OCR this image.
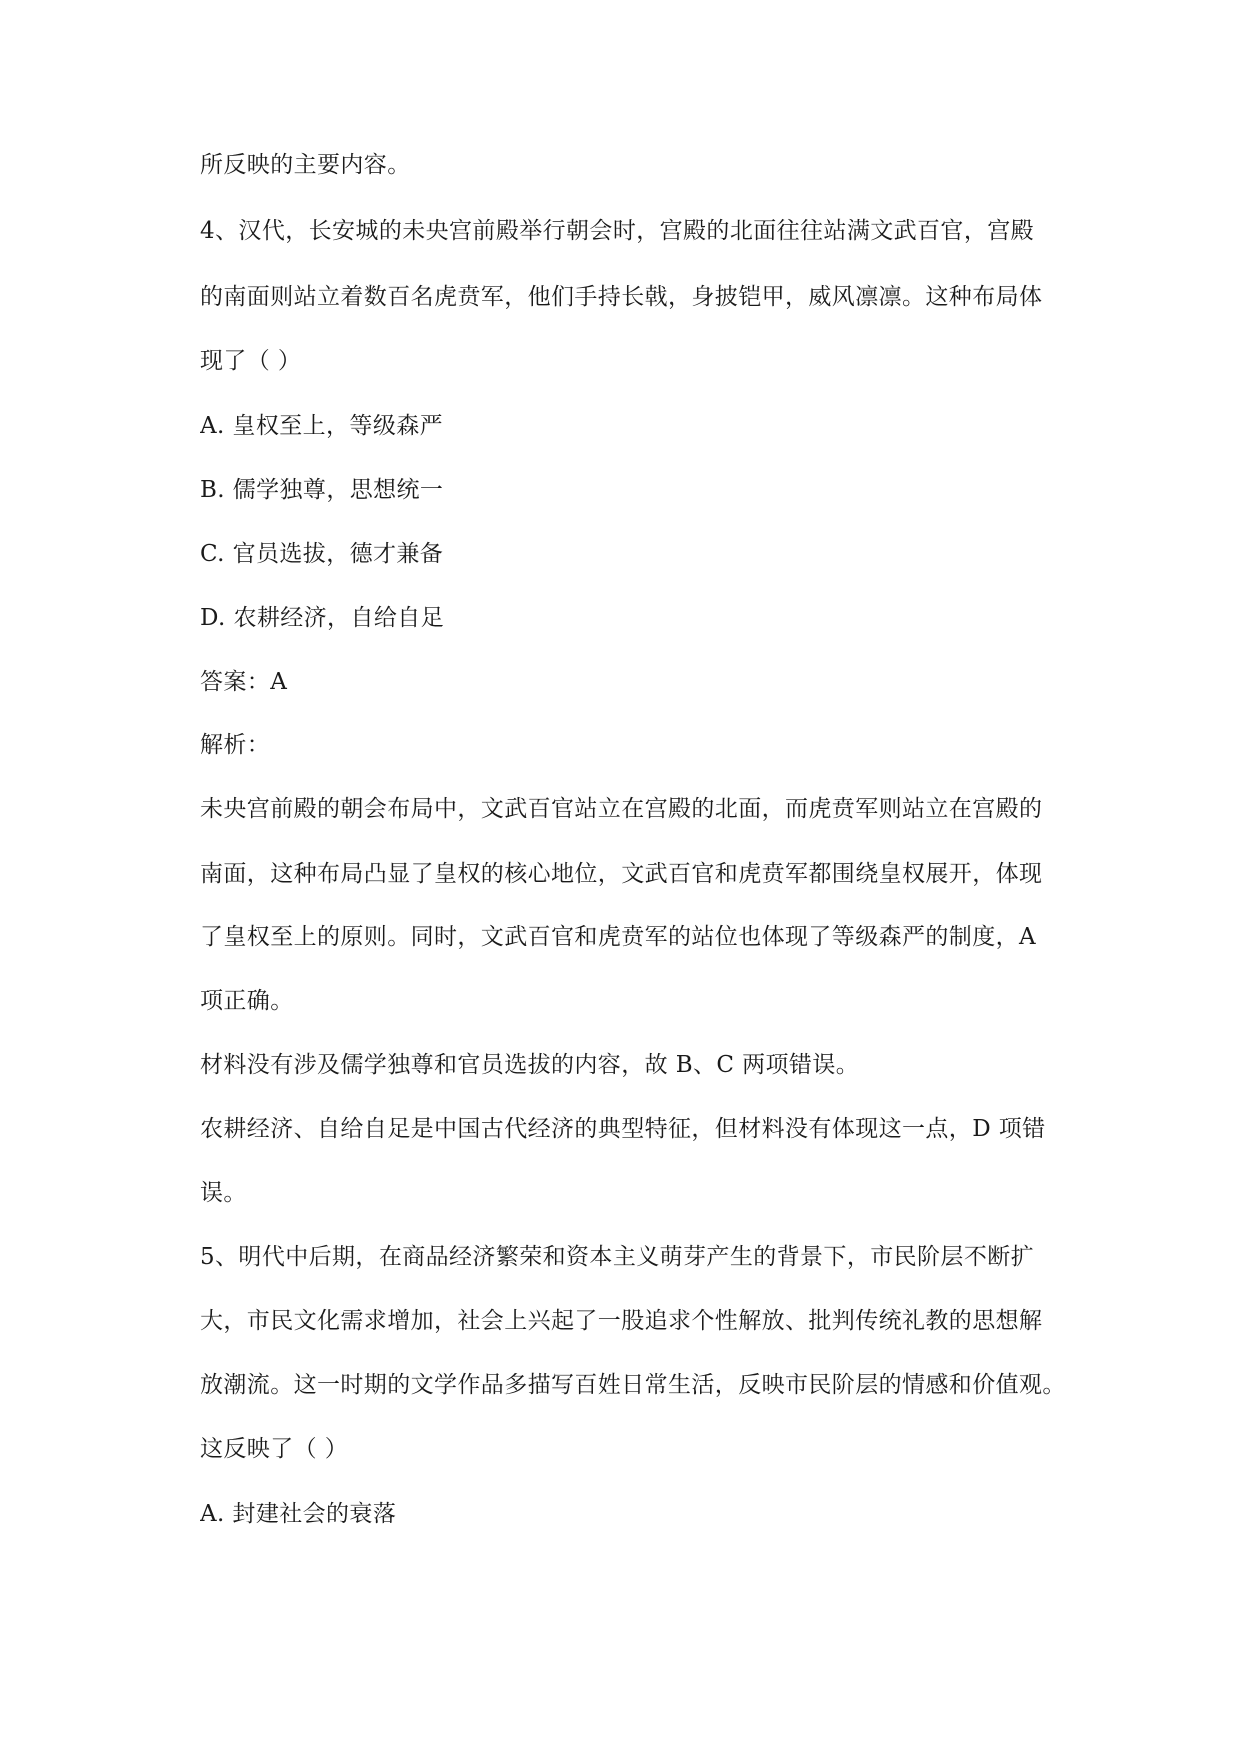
所反映的主要内容。
4、汉代，长安城的未央宫前殿举行朝会时，宫殿的北面往往站满文武百官，宫殿
的南面则站立着数百名虎贲军，他们手持长戟，身披铠甲，威风凛凛。这种布局体
现了（ ）
A. 皇权至上，等级森严
B. 儒学独尊，思想统一
C. 官员选拔，德才兼备
D. 农耕经济，自给自足
答案：A
解析：
未央宫前殿的朝会布局中，文武百官站立在宫殿的北面，而虎贲军则站立在宫殿的
南面，这种布局凸显了皇权的核心地位，文武百官和虎贲军都围绕皇权展开，体现
了皇权至上的原则。同时，文武百官和虎贲军的站位也体现了等级森严的制度，A
项正确。
材料没有涉及儒学独尊和官员选拔的内容，故 B、C 两项错误。
农耕经济、自给自足是中国古代经济的典型特征，但材料没有体现这一点，D 项错
误。
5、明代中后期，在商品经济繁荣和资本主义萌芽产生的背景下，市民阶层不断扩
大，市民文化需求增加，社会上兴起了一股追求个性解放、批判传统礼教的思想解
放潮流。这一时期的文学作品多描写百姓日常生活，反映市民阶层的情感和价值观。
这反映了（ ）
A. 封建社会的衰落
